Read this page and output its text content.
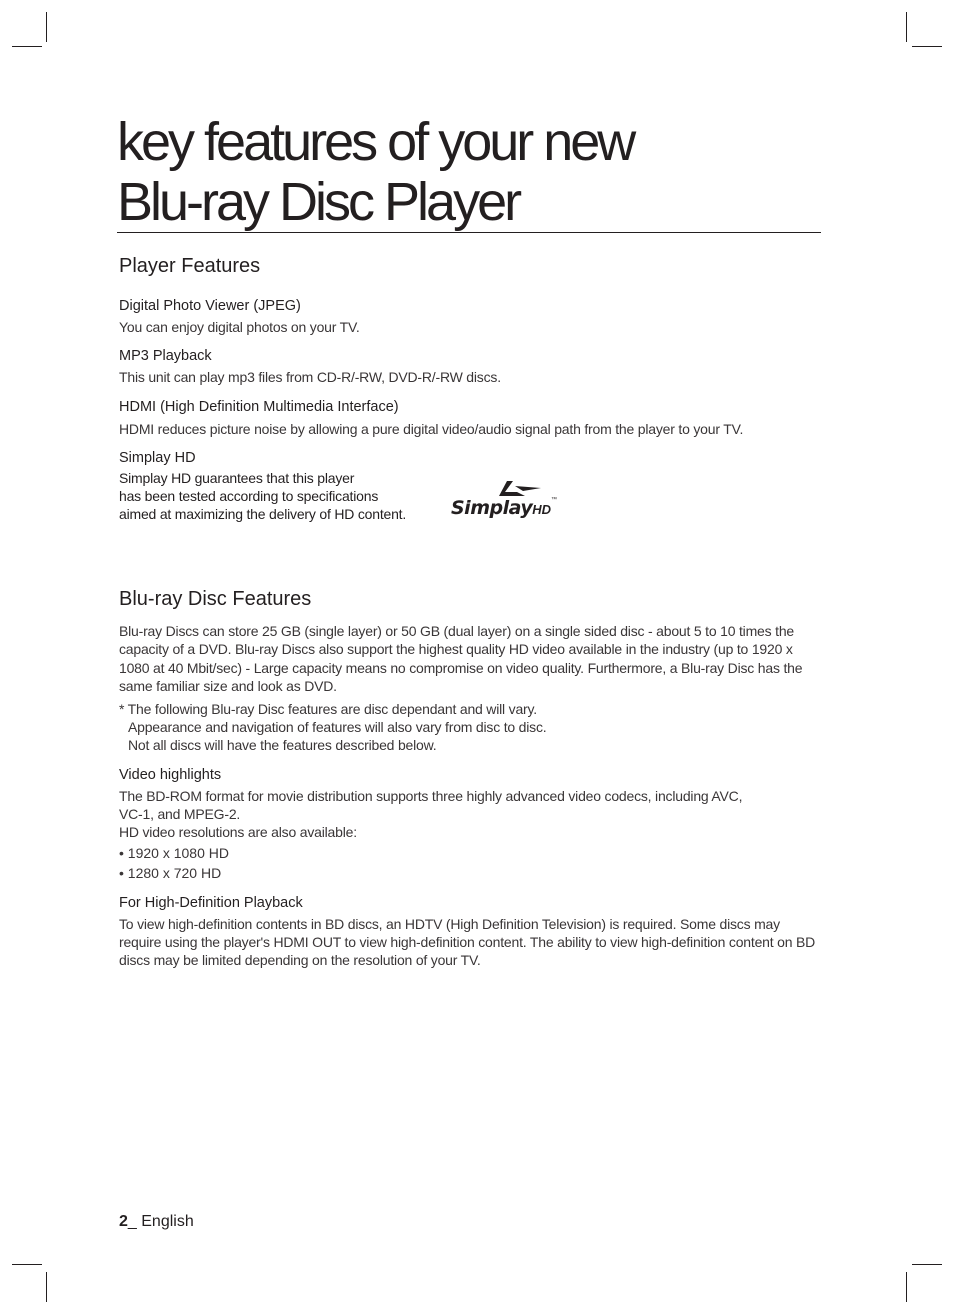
key features of your new
Blu-ray Disc Player
Player Features
Digital Photo Viewer (JPEG)

You can enjoy digital photos on your TV.

MP3 Playback

This unit can play mp3 files from CD-R/-RW, DVD-R/-RW discs.

HDMI (High Definition Multimedia Interface)

HDMI reduces picture noise by allowing a pure digital video/audio signal path from the player to your TV.

Simplay HD

Simplay HD guarantees that this player

has been tested according to specifications

aimed at maximizing the delivery of HD content.	SimplayHD™
Blu-ray Disc Features

Blu-ray Discs can store 25 GB (single layer) or 50 GB (dual layer) on a single sided disc - about 5 to 10 times the capacity of a DVD. Blu-ray Discs also support the highest quality HD video available in the industry (up to 1920 x 1080 at 40 Mbit/sec) - Large capacity means no compromise on video quality. Furthermore, a Blu-ray Disc has the same familiar size and look as DVD.

* The following Blu-ray Disc features are disc dependant and will vary.

Appearance and navigation of features will also vary from disc to disc.

Not all discs will have the features described below.

Video highlights

The BD-ROM format for movie distribution supports three highly advanced video codecs, including AVC,

VC-1, and MPEG-2.

HD video resolutions are also available:

• 1920 x 1080 HD
• 1280 x 720 HD
For High-Definition Playback

To view high-definition contents in BD discs, an HDTV (High Definition Television) is required. Some discs may require using the player's HDMI OUT to view high-definition content. The ability to view high-definition content on BD discs may be limited depending on the resolution of your TV.

2_ English
